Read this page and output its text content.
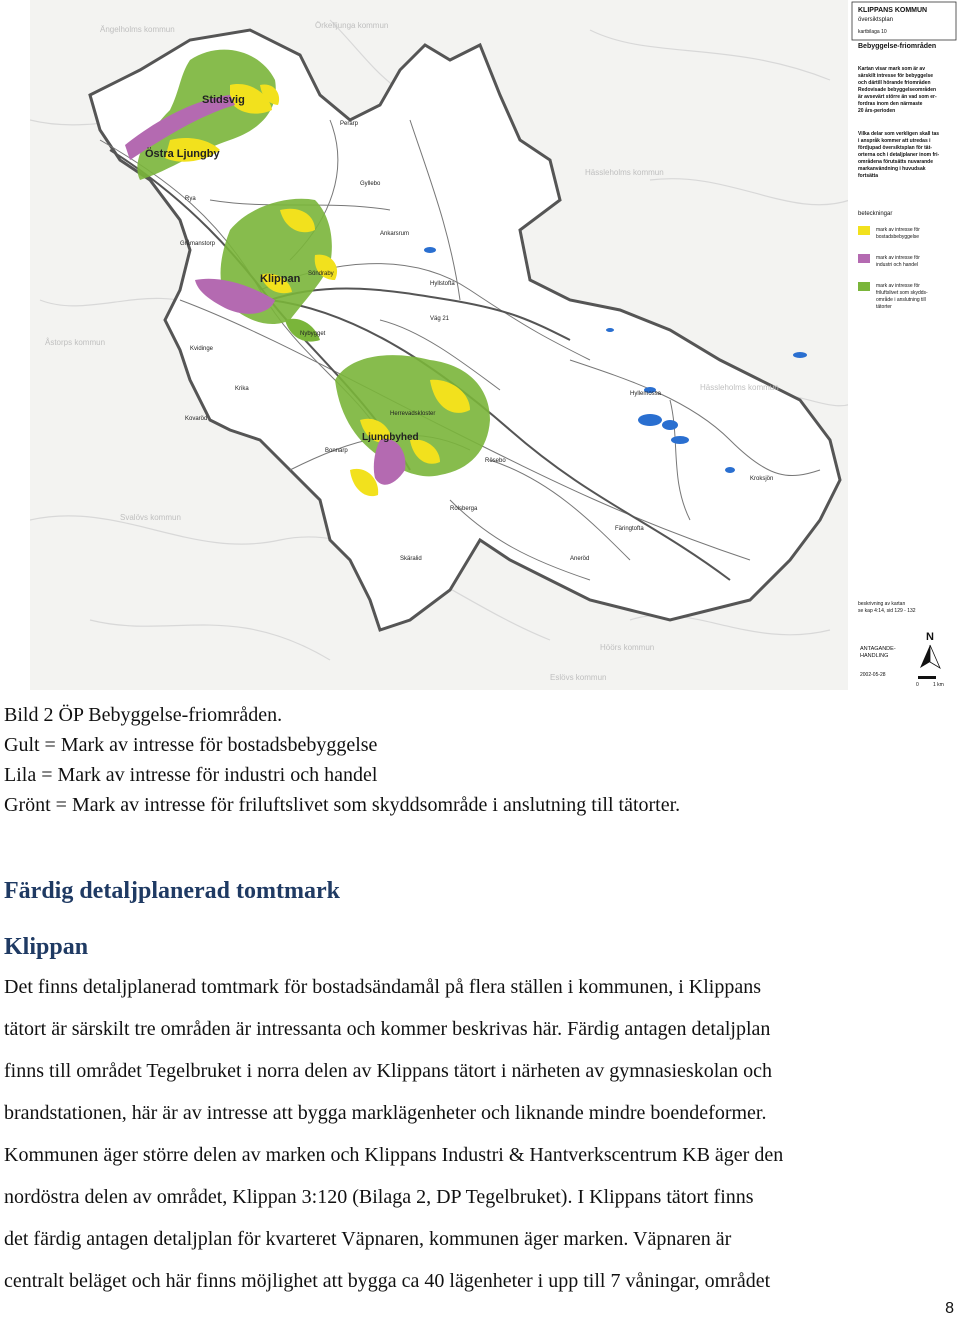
Stidsvig
Östra Ljungby
Klippan
Ljungbyhed
Söndraby
Perarp
Gyllebo
Ankarsrum
Hyllstofta
Rya
Gråmanstorp
Nybygget
Herrevadskloster
Bonnarp
Rösebo
Krika
Kovaröd
Hyllemossa
Kroksjön
Skäralid
Färingtofta
Rolsberga
Aneröd
Kvidinge
Väg 21
Ängelholms kommun	Örkelljunga kommun
Hässleholms kommun
Åstorps kommun
Hässleholms kommun
Svalövs kommun
Höörs kommun
Eslövs kommun
KLIPPANS KOMMUN
översiktsplan
kartbilaga 10
Bebyggelse-friområden
Kartan visar mark som är av
särskilt intresse för bebyggelse
och därtill hörande friområden
Redovisade bebyggelseområden
är avsevärt större än vad som er-
fordras inom den närmaste
20 års-perioden
Vilka delar som verkligen skall tas
i anspråk kommer att utredas i
fördjupad översiktsplan för tät-
orterna och i detaljplaner inom fri-
områdena förutsätts nuvarande
markanvändning i huvudsak
fortsätta
beteckningar
mark av intresse för
bostadsbebyggelse
mark av intresse för
industri och handel
mark av intresse för
friluftslivet som skydds-
område i anslutning till
tätorter
beskrivning av kartan
se kap 4:14, sid 129 - 132
N
ANTAGANDE-
HANDLING
2002-05-28
0	1 km
Bild 2 ÖP Bebyggelse-friområden.
Gult = Mark av intresse för bostadsbebyggelse
Lila = Mark av intresse för industri och handel
Grönt = Mark av intresse för friluftslivet som skyddsområde i anslutning till tätorter.
Färdig detaljplanerad tomtmark
Klippan
Det finns detaljplanerad tomtmark för bostadsändamål på flera ställen i kommunen, i Klippans
tätort är särskilt tre områden är intressanta och kommer beskrivas här. Färdig antagen detaljplan
finns till området Tegelbruket i norra delen av Klippans tätort i närheten av gymnasieskolan och
brandstationen, här är av intresse att bygga marklägenheter och liknande mindre boendeformer.
Kommunen äger större delen av marken och Klippans Industri & Hantverkscentrum KB äger den
nordöstra delen av området, Klippan 3:120 (Bilaga 2, DP Tegelbruket). I Klippans tätort finns
det färdig antagen detaljplan för kvarteret Väpnaren, kommunen äger marken. Väpnaren är
centralt beläget och här finns möjlighet att bygga ca 40 lägenheter i upp till 7 våningar, området
8
